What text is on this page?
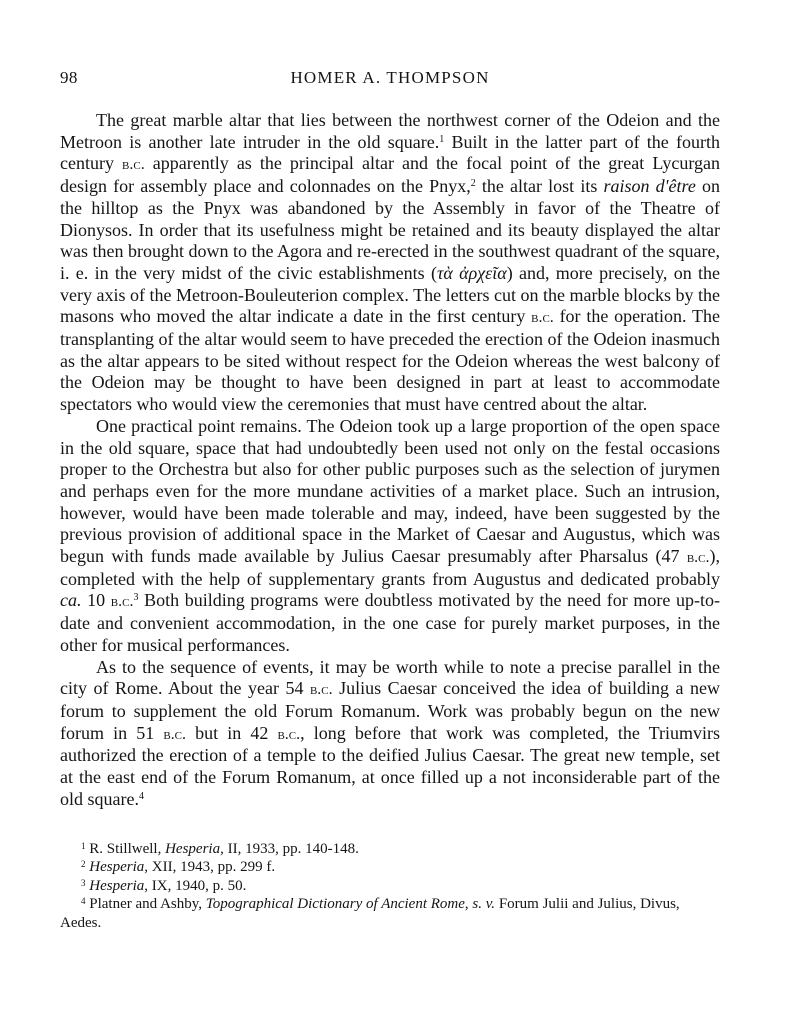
98	HOMER A. THOMPSON

The great marble altar that lies between the northwest corner of the Odeion and the Metroon is another late intruder in the old square.$^1$ Built in the latter part of the fourth century b.c. apparently as the principal altar and the focal point of the great Lycurgan design for assembly place and colonnades on the Pnyx,$^2$ the altar lost its raison d'être on the hilltop as the Pnyx was abandoned by the Assembly in favor of the Theatre of Dionysos. In order that its usefulness might be retained and its beauty displayed the altar was then brought down to the Agora and re-erected in the southwest quadrant of the square, i. e. in the very midst of the civic establishments (τὰ ἀρχεῖα) and, more precisely, on the very axis of the Metroon-Bouleuterion complex. The letters cut on the marble blocks by the masons who moved the altar indicate a date in the first century b.c. for the operation. The transplanting of the altar would seem to have preceded the erection of the Odeion inasmuch as the altar appears to be sited without respect for the Odeion whereas the west balcony of the Odeion may be thought to have been designed in part at least to accommodate spectators who would view the ceremonies that must have centred about the altar.

One practical point remains. The Odeion took up a large proportion of the open space in the old square, space that had undoubtedly been used not only on the festal occasions proper to the Orchestra but also for other public purposes such as the selection of jurymen and perhaps even for the more mundane activities of a market place. Such an intrusion, however, would have been made tolerable and may, indeed, have been suggested by the previous provision of additional space in the Market of Caesar and Augustus, which was begun with funds made available by Julius Caesar presumably after Pharsalus (47 b.c.), completed with the help of supplementary grants from Augustus and dedicated probably ca. 10 b.c.$^3$ Both building programs were doubtless motivated by the need for more up-to-date and convenient accommodation, in the one case for purely market purposes, in the other for musical performances.

As to the sequence of events, it may be worth while to note a precise parallel in the city of Rome. About the year 54 b.c. Julius Caesar conceived the idea of building a new forum to supplement the old Forum Romanum. Work was probably begun on the new forum in 51 b.c. but in 42 b.c., long before that work was completed, the Triumvirs authorized the erection of a temple to the deified Julius Caesar. The great new temple, set at the east end of the Forum Romanum, at once filled up a not inconsiderable part of the old square.$^4$

$^1$ R. Stillwell, Hesperia, II, 1933, pp. 140-148.

$^2$ Hesperia, XII, 1943, pp. 299 f.

$^3$ Hesperia, IX, 1940, p. 50.

$^4$ Platner and Ashby, Topographical Dictionary of Ancient Rome, s. v. Forum Julii and Julius, Divus, Aedes.
